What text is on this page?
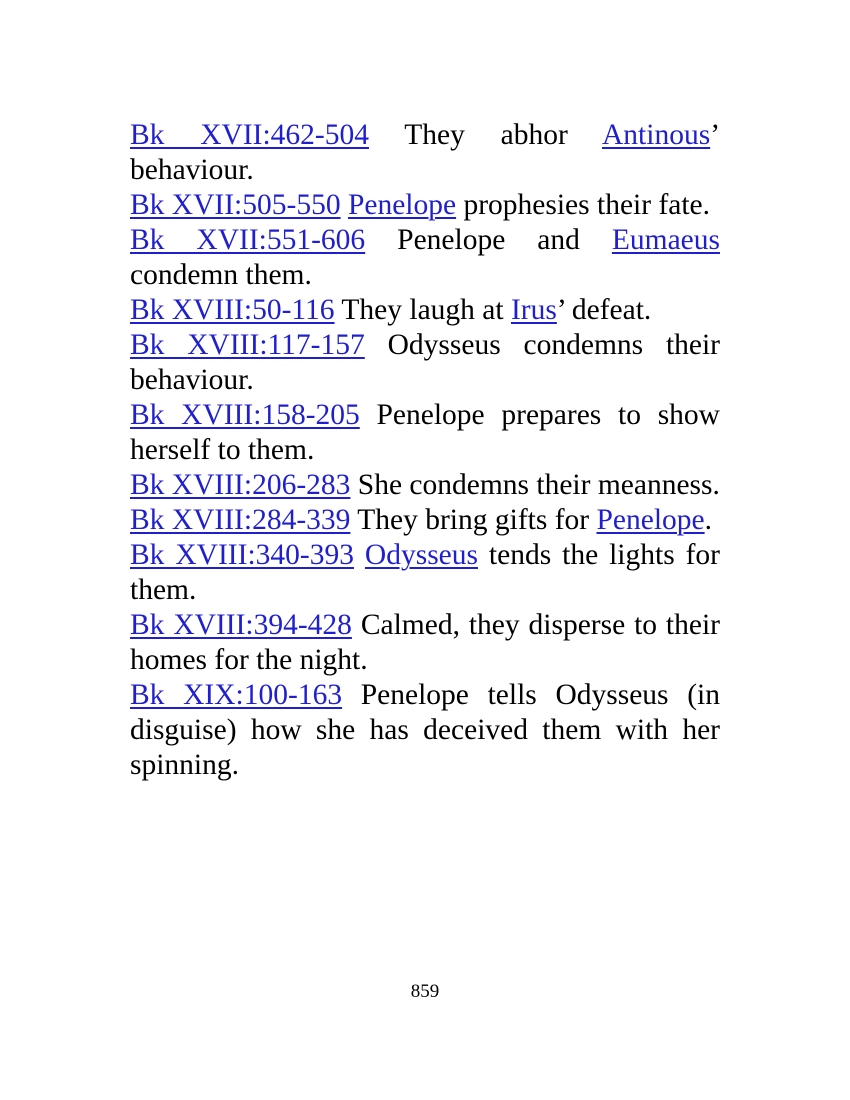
Bk XVII:462-504 They abhor Antinous’ behaviour.

Bk XVII:505-550 Penelope prophesies their fate.

Bk XVII:551-606 Penelope and Eumaeus condemn them.

Bk XVIII:50-116 They laugh at Irus’ defeat.

Bk XVIII:117-157 Odysseus condemns their behaviour.

Bk XVIII:158-205 Penelope prepares to show herself to them.

Bk XVIII:206-283 She condemns their meanness.

Bk XVIII:284-339 They bring gifts for Penelope.

Bk XVIII:340-393 Odysseus tends the lights for them.

Bk XVIII:394-428 Calmed, they disperse to their homes for the night.

Bk XIX:100-163 Penelope tells Odysseus (in disguise) how she has deceived them with her spinning.

859
